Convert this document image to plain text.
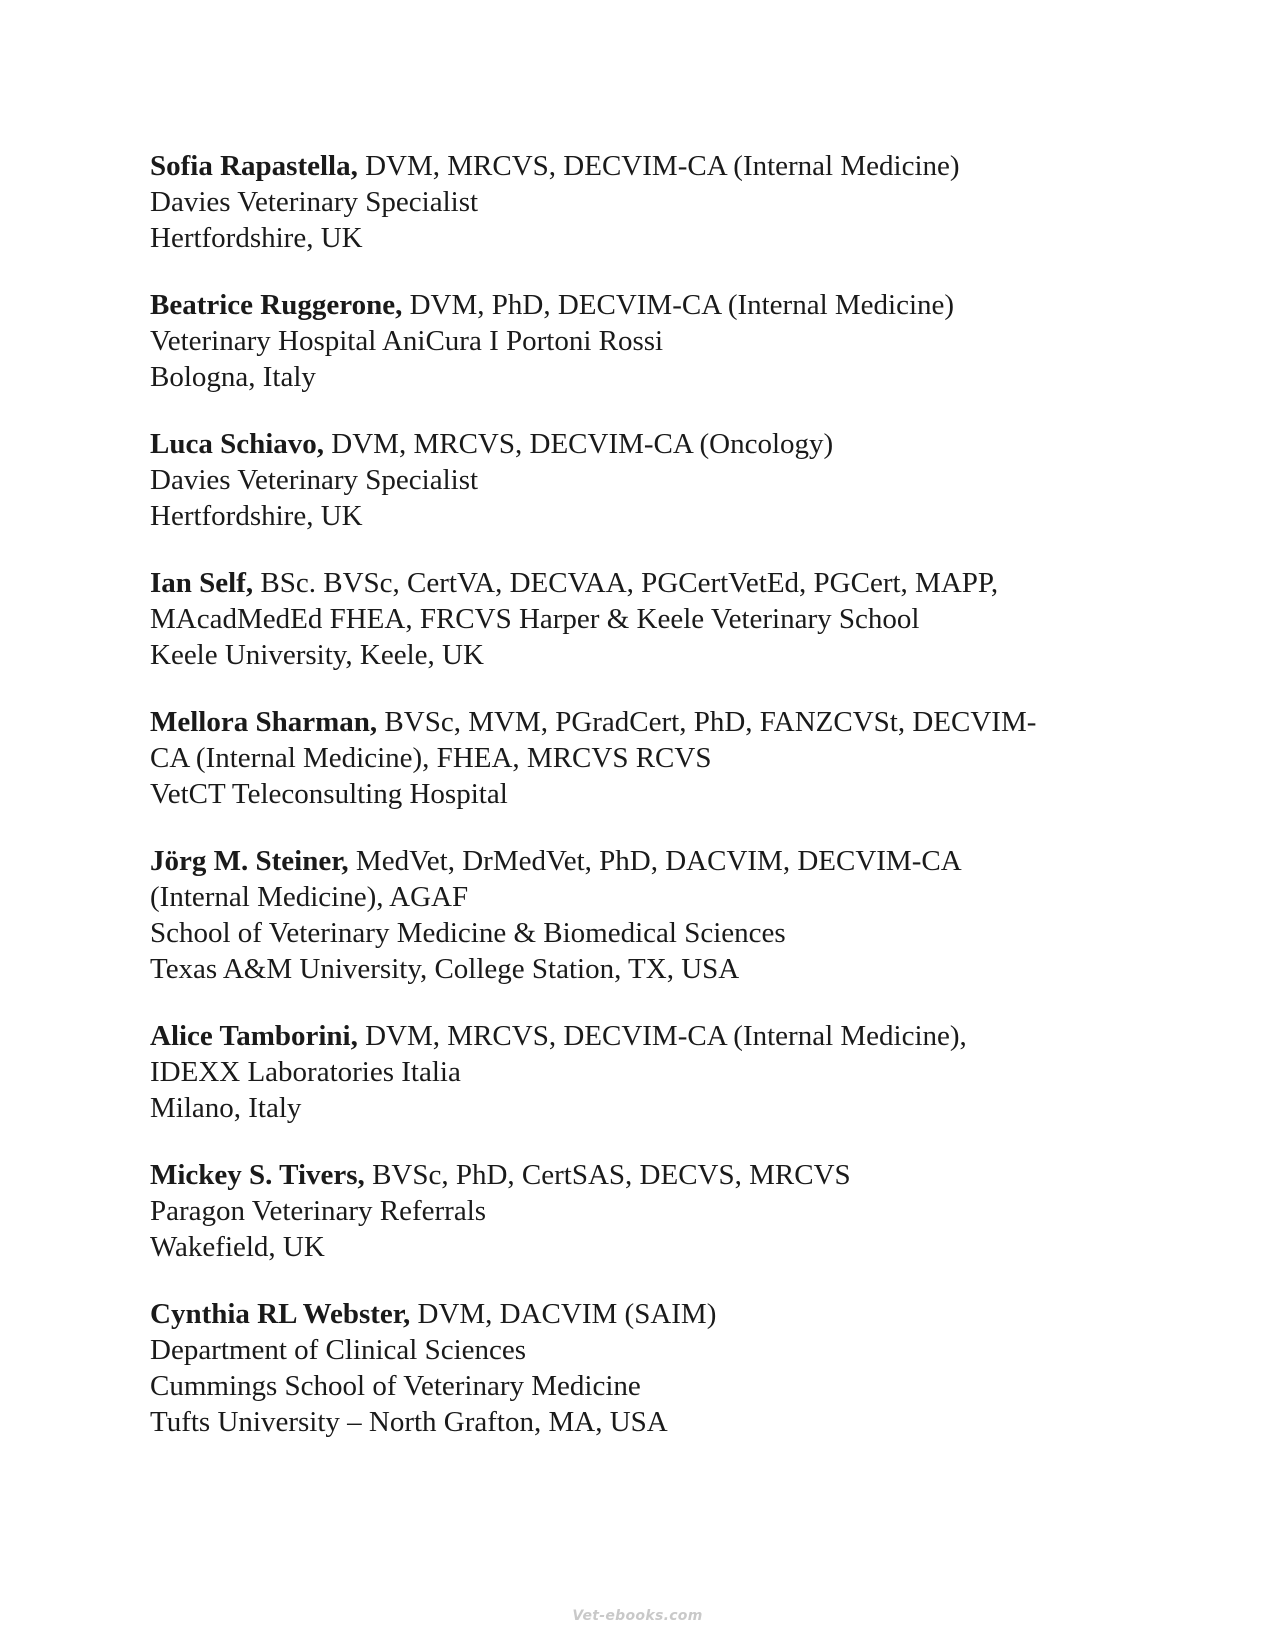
Sofia Rapastella, DVM, MRCVS, DECVIM-CA (Internal Medicine)
Davies Veterinary Specialist
Hertfordshire, UK
Beatrice Ruggerone, DVM, PhD, DECVIM-CA (Internal Medicine)
Veterinary Hospital AniCura I Portoni Rossi
Bologna, Italy
Luca Schiavo, DVM, MRCVS, DECVIM-CA (Oncology)
Davies Veterinary Specialist
Hertfordshire, UK
Ian Self, BSc. BVSc, CertVA, DECVAA, PGCertVetEd, PGCert, MAPP,
MAcadMedEd FHEA, FRCVS Harper & Keele Veterinary School
Keele University, Keele, UK
Mellora Sharman, BVSc, MVM, PGradCert, PhD, FANZCVSt, DECVIM-
CA (Internal Medicine), FHEA, MRCVS RCVS
VetCT Teleconsulting Hospital
Jörg M. Steiner, MedVet, DrMedVet, PhD, DACVIM, DECVIM-CA
(Internal Medicine), AGAF
School of Veterinary Medicine & Biomedical Sciences
Texas A&M University, College Station, TX, USA
Alice Tamborini, DVM, MRCVS, DECVIM-CA (Internal Medicine),
IDEXX Laboratories Italia
Milano, Italy
Mickey S. Tivers, BVSc, PhD, CertSAS, DECVS, MRCVS
Paragon Veterinary Referrals
Wakefield, UK
Cynthia RL Webster, DVM, DACVIM (SAIM)
Department of Clinical Sciences
Cummings School of Veterinary Medicine
Tufts University – North Grafton, MA, USA
Vet-ebooks.com
